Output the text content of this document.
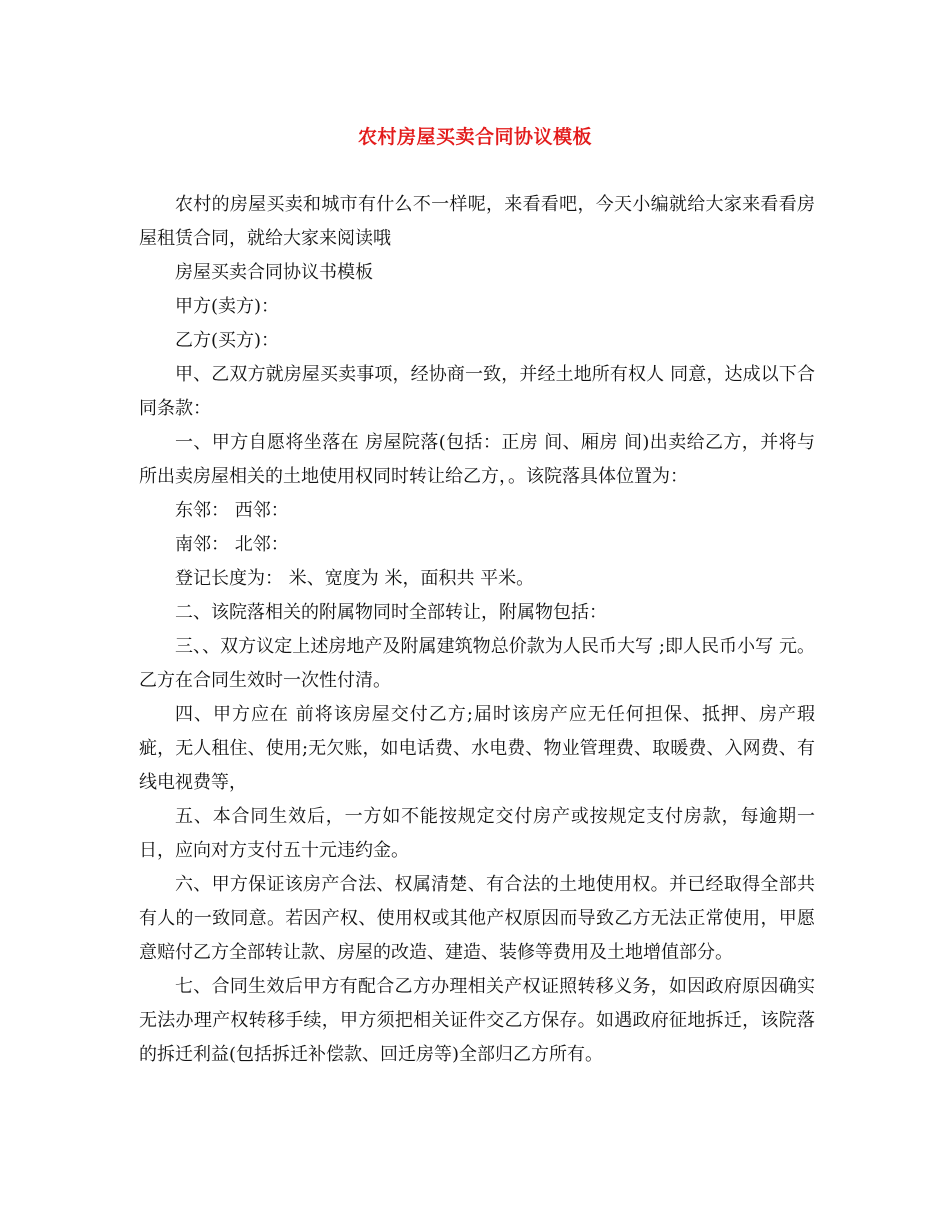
农村房屋买卖合同协议模板

农村的房屋买卖和城市有什么不一样呢，来看看吧，今天小编就给大家来看看房屋租赁合同，就给大家来阅读哦

房屋买卖合同协议书模板

甲方(卖方)：

乙方(买方)：

甲、乙双方就房屋买卖事项，经协商一致，并经土地所有权人 同意，达成以下合同条款：

一、甲方自愿将坐落在 房屋院落(包括：正房 间、厢房 间)出卖给乙方，并将与所出卖房屋相关的土地使用权同时转让给乙方，。该院落具体位置为：

东邻： 西邻：

南邻： 北邻：

登记长度为： 米、宽度为 米，面积共 平米。

二、该院落相关的附属物同时全部转让，附属物包括：

三、、双方议定上述房地产及附属建筑物总价款为人民币大写 ;即人民币小写 元。乙方在合同生效时一次性付清。

四、甲方应在 前将该房屋交付乙方;届时该房产应无任何担保、抵押、房产瑕疵，无人租住、使用;无欠账，如电话费、水电费、物业管理费、取暖费、入网费、有线电视费等，

五、本合同生效后，一方如不能按规定交付房产或按规定支付房款，每逾期一日，应向对方支付五十元违约金。

六、甲方保证该房产合法、权属清楚、有合法的土地使用权。并已经取得全部共有人的一致同意。若因产权、使用权或其他产权原因而导致乙方无法正常使用，甲愿意赔付乙方全部转让款、房屋的改造、建造、装修等费用及土地增值部分。

七、合同生效后甲方有配合乙方办理相关产权证照转移义务，如因政府原因确实无法办理产权转移手续，甲方须把相关证件交乙方保存。如遇政府征地拆迁，该院落的拆迁利益(包括拆迁补偿款、回迁房等)全部归乙方所有。
